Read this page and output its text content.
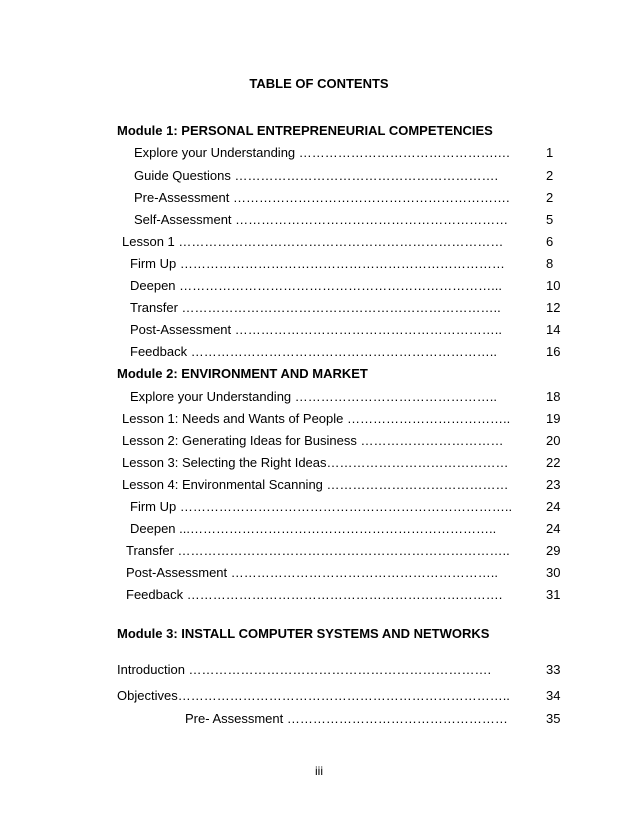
TABLE OF CONTENTS
Module 1: PERSONAL ENTREPRENEURIAL COMPETENCIES
Explore your Understanding ……………………………………….…	1
Guide Questions …………………………………………………….	2
Pre-Assessment ……………………………………………………….	2
Self-Assessment ………………………………………………………	5
Lesson 1 …………………………………………………………………	6
Firm Up …………………………………………………………………	8
Deepen ………………………………………………………………...	10
Transfer ………………………………………………………………..	12
Post-Assessment ……………………………………………………..	14
Feedback ……………………………………………………………..	16
Module 2: ENVIRONMENT AND MARKET
Explore your Understanding ………………………………………..	18
Lesson 1: Needs and Wants of People ………………………………..	19
Lesson 2: Generating Ideas for Business ……………………………	20
Lesson 3: Selecting the Right Ideas……………………………………	22
Lesson 4: Environmental Scanning ……………………………………	23
Firm Up …………………………………………………………………..	24
Deepen ...……………………………………………………………..	24
Transfer …………………………………………………………………..	29
Post-Assessment ……………………………………………………..	30
Feedback ……………………………………………………………….	31
Module 3: INSTALL COMPUTER SYSTEMS AND NETWORKS
Introduction …………………………………………………………….	33
Objectives…………………………………………………………………..	34
Pre- Assessment ……………………………………………	35
iii
